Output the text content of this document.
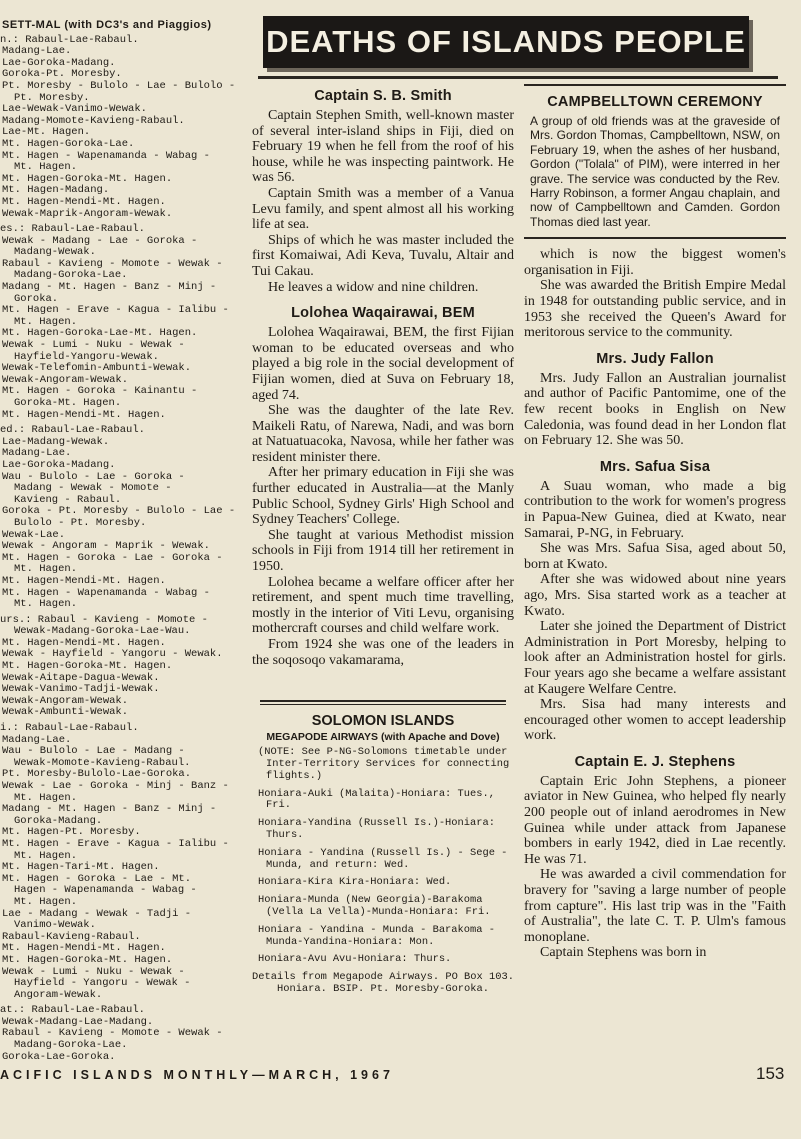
SETT-MAL (with DC3's and Piaggios)
n.: Rabaul-Lae-Rabaul.
Madang-Lae.
Lae-Goroka-Madang.
Goroka-Pt. Moresby.
Pt. Moresby - Bulolo - Lae - Bulolo -
Pt. Moresby.
Lae-Wewak-Vanimo-Wewak.
Madang-Momote-Kavieng-Rabaul.
Lae-Mt. Hagen.
Mt. Hagen-Goroka-Lae.
Mt. Hagen - Wapenamanda - Wabag -
Mt. Hagen.
Mt. Hagen-Goroka-Mt. Hagen.
Mt. Hagen-Madang.
Mt. Hagen-Mendi-Mt. Hagen.
Wewak-Maprik-Angoram-Wewak.
es.: Rabaul-Lae-Rabaul.
Wewak - Madang - Lae - Goroka -
Madang-Wewak.
Rabaul - Kavieng - Momote - Wewak -
Madang-Goroka-Lae.
Madang - Mt. Hagen - Banz - Minj -
Goroka.
Mt. Hagen - Erave - Kagua - Ialibu -
Mt. Hagen.
Mt. Hagen-Goroka-Lae-Mt. Hagen.
Wewak - Lumi - Nuku - Wewak -
Hayfield-Yangoru-Wewak.
Wewak-Telefomin-Ambunti-Wewak.
Wewak-Angoram-Wewak.
Mt. Hagen - Goroka - Kainantu -
Goroka-Mt. Hagen.
Mt. Hagen-Mendi-Mt. Hagen.
ed.: Rabaul-Lae-Rabaul.
Lae-Madang-Wewak.
Madang-Lae.
Lae-Goroka-Madang.
Wau - Bulolo - Lae - Goroka -
Madang - Wewak - Momote -
Kavieng - Rabaul.
Goroka - Pt. Moresby - Bulolo - Lae -
Bulolo - Pt. Moresby.
Wewak-Lae.
Wewak - Angoram - Maprik - Wewak.
Mt. Hagen - Goroka - Lae - Goroka -
Mt. Hagen.
Mt. Hagen-Mendi-Mt. Hagen.
Mt. Hagen - Wapenamanda - Wabag -
Mt. Hagen.
urs.: Rabaul - Kavieng - Momote -
Wewak-Madang-Goroka-Lae-Wau.
Mt. Hagen-Mendi-Mt. Hagen.
Wewak - Hayfield - Yangoru - Wewak.
Mt. Hagen-Goroka-Mt. Hagen.
Wewak-Aitape-Dagua-Wewak.
Wewak-Vanimo-Tadji-Wewak.
Wewak-Angoram-Wewak.
Wewak-Ambunti-Wewak.
i.: Rabaul-Lae-Rabaul.
Madang-Lae.
Wau - Bulolo - Lae - Madang -
Wewak-Momote-Kavieng-Rabaul.
Pt. Moresby-Bulolo-Lae-Goroka.
Wewak - Lae - Goroka - Minj - Banz -
Mt. Hagen.
Madang - Mt. Hagen - Banz - Minj -
Goroka-Madang.
Mt. Hagen-Pt. Moresby.
Mt. Hagen - Erave - Kagua - Ialibu -
Mt. Hagen.
Mt. Hagen-Tari-Mt. Hagen.
Mt. Hagen - Goroka - Lae - Mt.
Hagen - Wapenamanda - Wabag -
Mt. Hagen.
Lae - Madang - Wewak - Tadji -
Vanimo-Wewak.
Rabaul-Kavieng-Rabaul.
Mt. Hagen-Mendi-Mt. Hagen.
Mt. Hagen-Goroka-Mt. Hagen.
Wewak - Lumi - Nuku - Wewak -
Hayfield - Yangoru - Wewak -
Angoram-Wewak.
at.: Rabaul-Lae-Rabaul.
Wewak-Madang-Lae-Madang.
Rabaul - Kavieng - Momote - Wewak -
Madang-Goroka-Lae.
Goroka-Lae-Goroka.
DEATHS OF ISLANDS PEOPLE
Captain S. B. Smith

Captain Stephen Smith, well-known master of several inter-island ships in Fiji, died on February 19 when he fell from the roof of his house, while he was inspecting paintwork. He was 56.

Captain Smith was a member of a Vanua Levu family, and spent almost all his working life at sea.

Ships of which he was master included the first Komaiwai, Adi Keva, Tuvalu, Altair and Tui Cakau.

He leaves a widow and nine children.

Lolohea Waqairawai, BEM

Lolohea Waqairawai, BEM, the first Fijian woman to be educated overseas and who played a big role in the social development of Fijian women, died at Suva on February 18, aged 74.

She was the daughter of the late Rev. Maikeli Ratu, of Narewa, Nadi, and was born at Natuatuacoka, Navosa, while her father was resident minister there.

After her primary education in Fiji she was further educated in Australia—at the Manly Public School, Sydney Girls' High School and Sydney Teachers' College.

She taught at various Methodist mission schools in Fiji from 1914 till her retirement in 1950.

Lolohea became a welfare officer after her retirement, and spent much time travelling, mostly in the interior of Viti Levu, organising mothercraft courses and child welfare work.

From 1924 she was one of the leaders in the soqosoqo vakamarama,

SOLOMON ISLANDS
MEGAPODE AIRWAYS (with Apache and Dove)
(NOTE: See P-NG-Solomons timetable under Inter-Territory Services for connecting flights.)
Honiara-Auki (Malaita)-Honiara: Tues., Fri.
Honiara-Yandina (Russell Is.)-Honiara: Thurs.
Honiara - Yandina (Russell Is.) - Sege - Munda, and return: Wed.
Honiara-Kira Kira-Honiara: Wed.
Honiara-Munda (New Georgia)-Barakoma (Vella La Vella)-Munda-Honiara: Fri.
Honiara - Yandina - Munda - Barakoma - Munda-Yandina-Honiara: Mon.
Honiara-Avu Avu-Honiara: Thurs.
Details from Megapode Airways. PO Box 103. Honiara. BSIP. Pt. Moresby-Goroka.
CAMPBELLTOWN CEREMONY

A group of old friends was at the graveside of Mrs. Gordon Thomas, Campbelltown, NSW, on February 19, when the ashes of her husband, Gordon ("Tolala" of PIM), were interred in her grave. The service was conducted by the Rev. Harry Robinson, a former Angau chaplain, and now of Campbelltown and Camden. Gordon Thomas died last year.

which is now the biggest women's organisation in Fiji.

She was awarded the British Empire Medal in 1948 for outstanding public service, and in 1953 she received the Queen's Award for meritorous service to the community.

Mrs. Judy Fallon

Mrs. Judy Fallon an Australian journalist and author of Pacific Pantomime, one of the few recent books in English on New Caledonia, was found dead in her London flat on February 12. She was 50.

Mrs. Safua Sisa

A Suau woman, who made a big contribution to the work for women's progress in Papua-New Guinea, died at Kwato, near Samarai, P-NG, in February.

She was Mrs. Safua Sisa, aged about 50, born at Kwato.

After she was widowed about nine years ago, Mrs. Sisa started work as a teacher at Kwato.

Later she joined the Department of District Administration in Port Moresby, helping to look after an Administration hostel for girls. Four years ago she became a welfare assistant at Kaugere Welfare Centre.

Mrs. Sisa had many interests and encouraged other women to accept leadership work.

Captain E. J. Stephens

Captain Eric John Stephens, a pioneer aviator in New Guinea, who helped fly nearly 200 people out of inland aerodromes in New Guinea while under attack from Japanese bombers in early 1942, died in Lae recently. He was 71.

He was awarded a civil commendation for bravery for "saving a large number of people from capture". His last trip was in the "Faith of Australia", the late C. T. P. Ulm's famous monoplane.

Captain Stephens was born in

ACIFIC ISLANDS MONTHLY—MARCH, 1967	153
